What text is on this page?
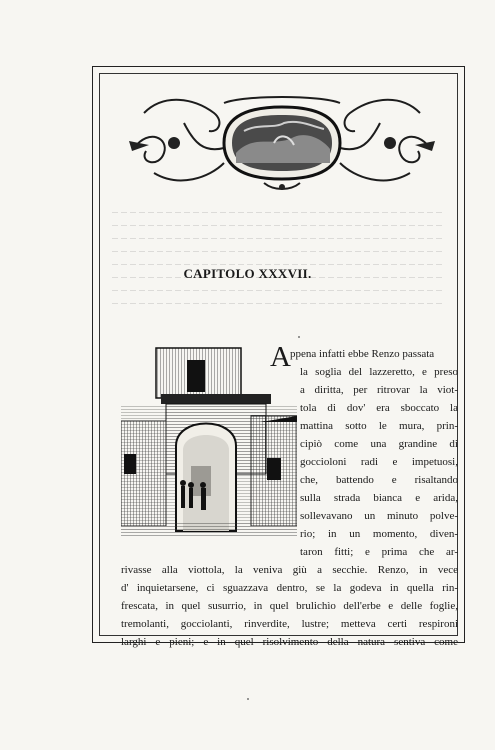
CAPITOLO XXXVII.
A ppena infatti ebbe Renzo passata
la soglia del lazzeretto, e preso
a diritta, per ritrovar la viot-
tola di dov' era sboccato la
mattina sotto le mura, prin-
cipiò come una grandine di
goccioloni radi e impetuosi,
che, battendo e risaltando
sulla strada bianca e arida,
sollevavano un minuto polve-
rio; in un momento, diven-
taron fitti; e prima che ar-
rivasse alla viottola, la veniva giù a secchie. Renzo, in vece
d' inquietarsene, ci sguazzava dentro, se la godeva in quella rin-
frescata, in quel susurrio, in quel brulichìo dell'erbe e delle foglie,
tremolanti, gocciolanti, rinverdite, lustre; metteva certi respironi
larghi e pieni; e in quel risolvimento della natura sentiva come
